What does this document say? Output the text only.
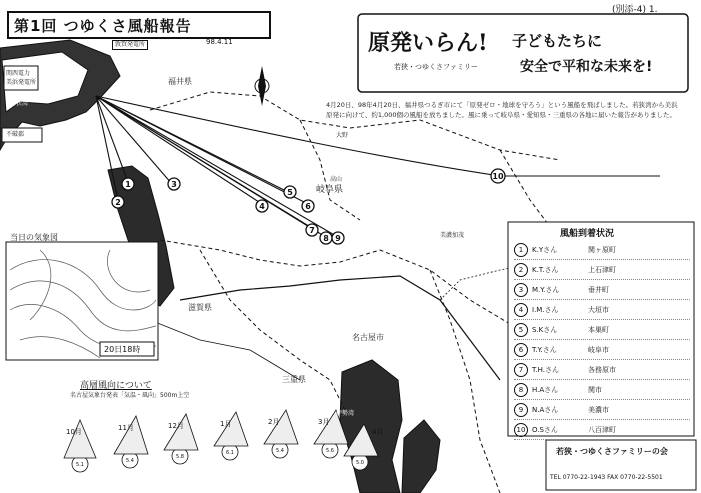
1
2
3
4
5
6
7
8 9
10
5.1
5.4
5.8
6.1	5.4	5.6
5.0
10月	11月	12月	1月	2月	3月
4月
第1回 つゆくさ風船報告
98.4.11
(別添-4) 1.
原発いらん! 子どもたちに
安全で平和な未来を!
若狭・つゆくさファミリー
関西電力
美浜発電所
不破郡
敦賀発電所
福井県
岐阜県
滋賀県
三重県
名古屋市
伊勢湾
琵琶湖
高山
大野
美濃加茂
若狭湾
当日の気象図
20日18時
高層風向について
名古屋気象台発表「気温・風向」500m上空
4月20日、98年4月20日、福井県つるぎ市にて「原発ゼロ・地球を守ろう」という風船を飛ばしました。若狭湾から美浜原発に向けて、約1,000個の風船を放ちました。風に乗って岐阜県・愛知県・三重県の各地に届いた報告がありました。
風船到着状況
1	K.Yさん	関ヶ原町
2	K.T.さん	上石津町
3	M.Y.さん	垂井町
4	I.M.さん	大垣市
5	S.Kさん	本巣町
6	T.Y.さん	岐阜市
7	T.H.さん	各務原市
8	H.Aさん	関市
9	N.Aさん	美濃市
10 O.Sさん	八百津町
若狭・つゆくさファミリーの会
TEL 0770-22-1943 FAX 0770-22-5501
